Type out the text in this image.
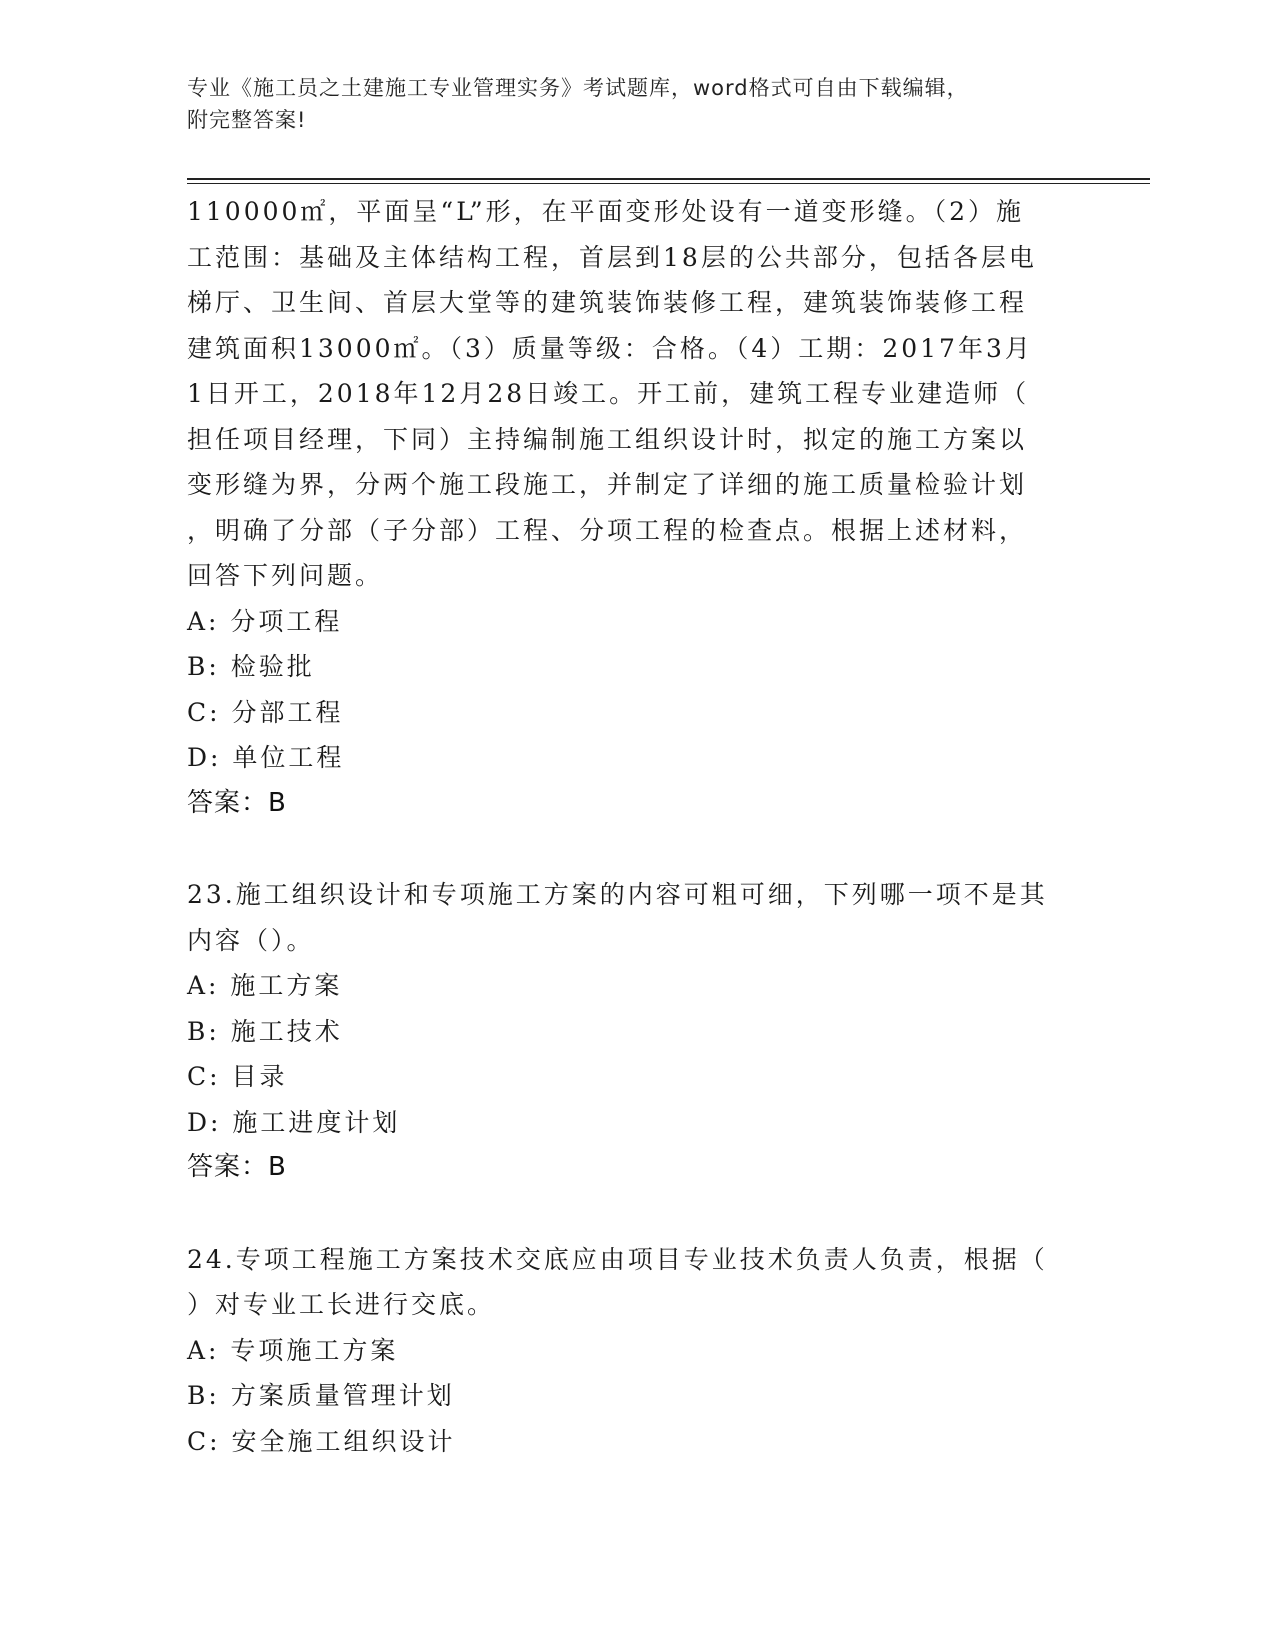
专业《施工员之土建施工专业管理实务》考试题库，word格式可自由下载编辑，
附完整答案!
110000㎡，平面呈“L”形，在平面变形处设有一道变形缝。（2）施
工范围：基础及主体结构工程，首层到18层的公共部分，包括各层电
梯厅、卫生间、首层大堂等的建筑装饰装修工程，建筑装饰装修工程
建筑面积13000㎡。（3）质量等级：合格。（4）工期：2017年3月
1日开工，2018年12月28日竣工。开工前，建筑工程专业建造师（
担任项目经理，下同）主持编制施工组织设计时，拟定的施工方案以
变形缝为界，分两个施工段施工，并制定了详细的施工质量检验计划
，明确了分部（子分部）工程、分项工程的检查点。根据上述材料，
回答下列问题。
A: 分项工程
B: 检验批
C: 分部工程
D: 单位工程
答案：B
23.施工组织设计和专项施工方案的内容可粗可细，下列哪一项不是其
内容（）。
A: 施工方案
B: 施工技术
C: 目录
D: 施工进度计划
答案：B
24.专项工程施工方案技术交底应由项目专业技术负责人负责，根据（
）对专业工长进行交底。
A: 专项施工方案
B: 方案质量管理计划
C: 安全施工组织设计
